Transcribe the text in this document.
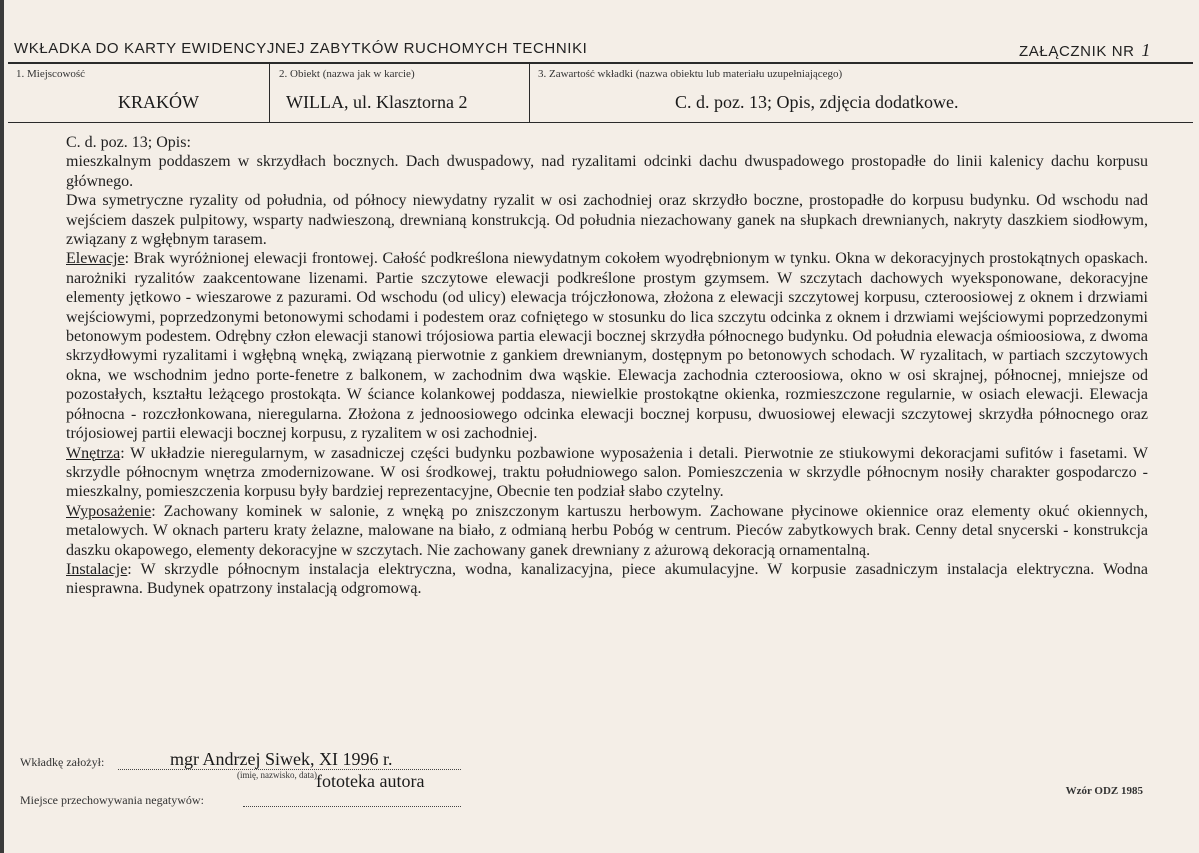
WKŁADKA DO KARTY EWIDENCYJNEJ ZABYTKÓW RUCHOMYCH TECHNIKI	ZAŁĄCZNIK NR 1
1. Miejscowość
KRAKÓW
2. Obiekt (nazwa jak w karcie)
WILLA, ul. Klasztorna 2
3. Zawartość wkładki (nazwa obiektu lub materiału uzupełniającego)
C. d. poz. 13; Opis, zdjęcia dodatkowe.

C. d. poz. 13; Opis:

mieszkalnym poddaszem w skrzydłach bocznych. Dach dwuspadowy, nad ryzalitami odcinki dachu dwuspadowego prostopadłe do linii kalenicy dachu korpusu głównego.

Dwa symetryczne ryzality od południa, od północy niewydatny ryzalit w osi zachodniej oraz skrzydło boczne, prostopadłe do korpusu budynku. Od wschodu nad wejściem daszek pulpitowy, wsparty nadwieszoną, drewnianą konstrukcją. Od południa niezachowany ganek na słupkach drewnianych, nakryty daszkiem siodłowym, związany z wgłębnym tarasem.

Elewacje: Brak wyróżnionej elewacji frontowej. Całość podkreślona niewydatnym cokołem wyodrębnionym w tynku. Okna w dekoracyjnych prostokątnych opaskach. narożniki ryzalitów zaakcentowane lizenami. Partie szczytowe elewacji podkreślone prostym gzymsem. W szczytach dachowych wyeksponowane, dekoracyjne elementy jętkowo - wieszarowe z pazurami. Od wschodu (od ulicy) elewacja trójczłonowa, złożona z elewacji szczytowej korpusu, czteroosiowej z oknem i drzwiami wejściowymi, poprzedzonymi betonowymi schodami i podestem oraz cofniętego w stosunku do lica szczytu odcinka z oknem i drzwiami wejściowymi poprzedzonymi betonowym podestem. Odrębny człon elewacji stanowi trójosiowa partia elewacji bocznej skrzydła północnego budynku. Od południa elewacja ośmioosiowa, z dwoma skrzydłowymi ryzalitami i wgłębną wnęką, związaną pierwotnie z gankiem drewnianym, dostępnym po betonowych schodach. W ryzalitach, w partiach szczytowych okna, we wschodnim jedno porte-fenetre z balkonem, w zachodnim dwa wąskie. Elewacja zachodnia czteroosiowa, okno w osi skrajnej, północnej, mniejsze od pozostałych, kształtu leżącego prostokąta. W ściance kolankowej poddasza, niewielkie prostokątne okienka, rozmieszczone regularnie, w osiach elewacji. Elewacja północna - rozczłonkowana, nieregularna. Złożona z jednoosiowego odcinka elewacji bocznej korpusu, dwuosiowej elewacji szczytowej skrzydła północnego oraz trójosiowej partii elewacji bocznej korpusu, z ryzalitem w osi zachodniej.

Wnętrza: W układzie nieregularnym, w zasadniczej części budynku pozbawione wyposażenia i detali. Pierwotnie ze stiukowymi dekoracjami sufitów i fasetami. W skrzydle północnym wnętrza zmodernizowane. W osi środkowej, traktu południowego salon. Pomieszczenia w skrzydle północnym nosiły charakter gospodarczo - mieszkalny, pomieszczenia korpusu były bardziej reprezentacyjne, Obecnie ten podział słabo czytelny.

Wyposażenie: Zachowany kominek w salonie, z wnęką po zniszczonym kartuszu herbowym. Zachowane płycinowe okiennice oraz elementy okuć okiennych, metalowych. W oknach parteru kraty żelazne, malowane na biało, z odmianą herbu Pobóg w centrum. Pieców zabytkowych brak. Cenny detal snycerski - konstrukcja daszku okapowego, elementy dekoracyjne w szczytach. Nie zachowany ganek drewniany z ażurową dekoracją ornamentalną.

Instalacje: W skrzydle północnym instalacja elektryczna, wodna, kanalizacyjna, piece akumulacyjne. W korpusie zasadniczym instalacja elektryczna. Wodna niesprawna. Budynek opatrzony instalacją odgromową.

Wkładkę założył:	mgr Andrzej Siwek, XI 1996 r.
(imię, nazwisko, data)
Miejsce przechowywania negatywów:
fototeka autora	Wzór ODZ 1985
